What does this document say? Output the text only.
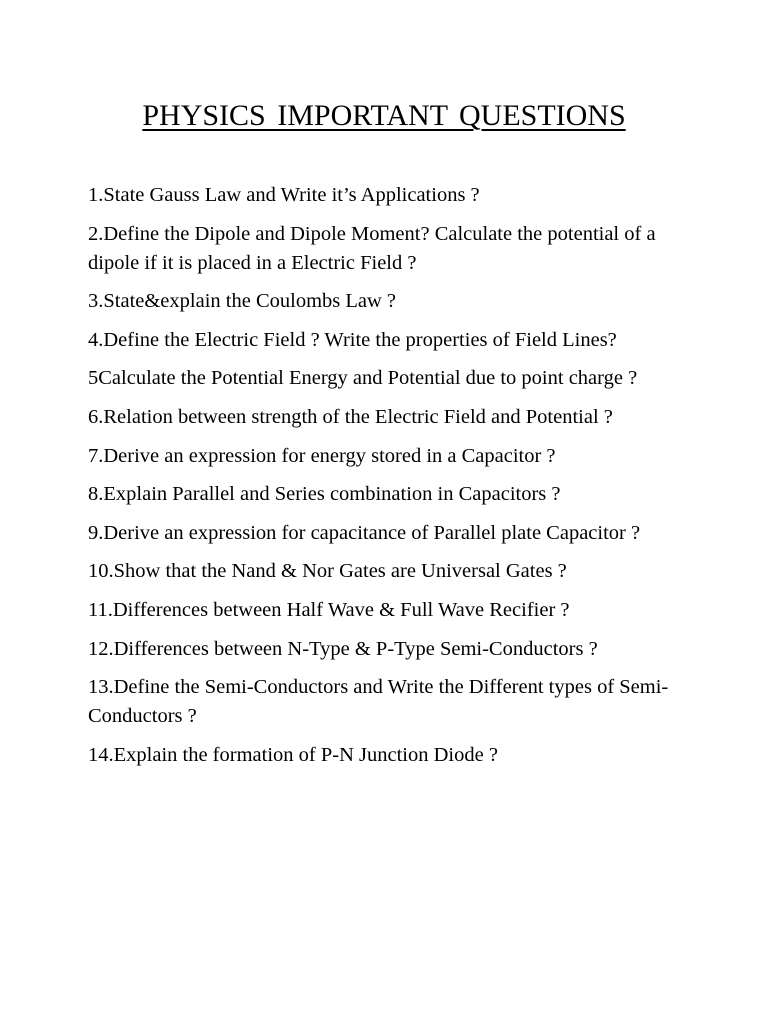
PHYSICS IMPORTANT QUESTIONS
1.State Gauss Law and Write it’s Applications ?
2.Define the Dipole and Dipole Moment? Calculate the potential of a dipole if it is placed in a Electric Field ?
3.State&explain the Coulombs Law ?
4.Define the Electric Field ? Write the properties of Field Lines?
5Calculate the Potential Energy and Potential due to point charge ?
6.Relation between strength of the Electric Field and Potential ?
7.Derive an expression for energy stored in a Capacitor ?
8.Explain Parallel and Series combination in Capacitors ?
9.Derive an expression for capacitance of Parallel plate Capacitor ?
10.Show that the Nand & Nor Gates are Universal Gates ?
11.Differences between Half Wave & Full Wave Recifier ?
12.Differences between N-Type & P-Type Semi-Conductors ?
13.Define the Semi-Conductors and Write the Different types of Semi-Conductors ?
14.Explain the formation of P-N Junction Diode ?
